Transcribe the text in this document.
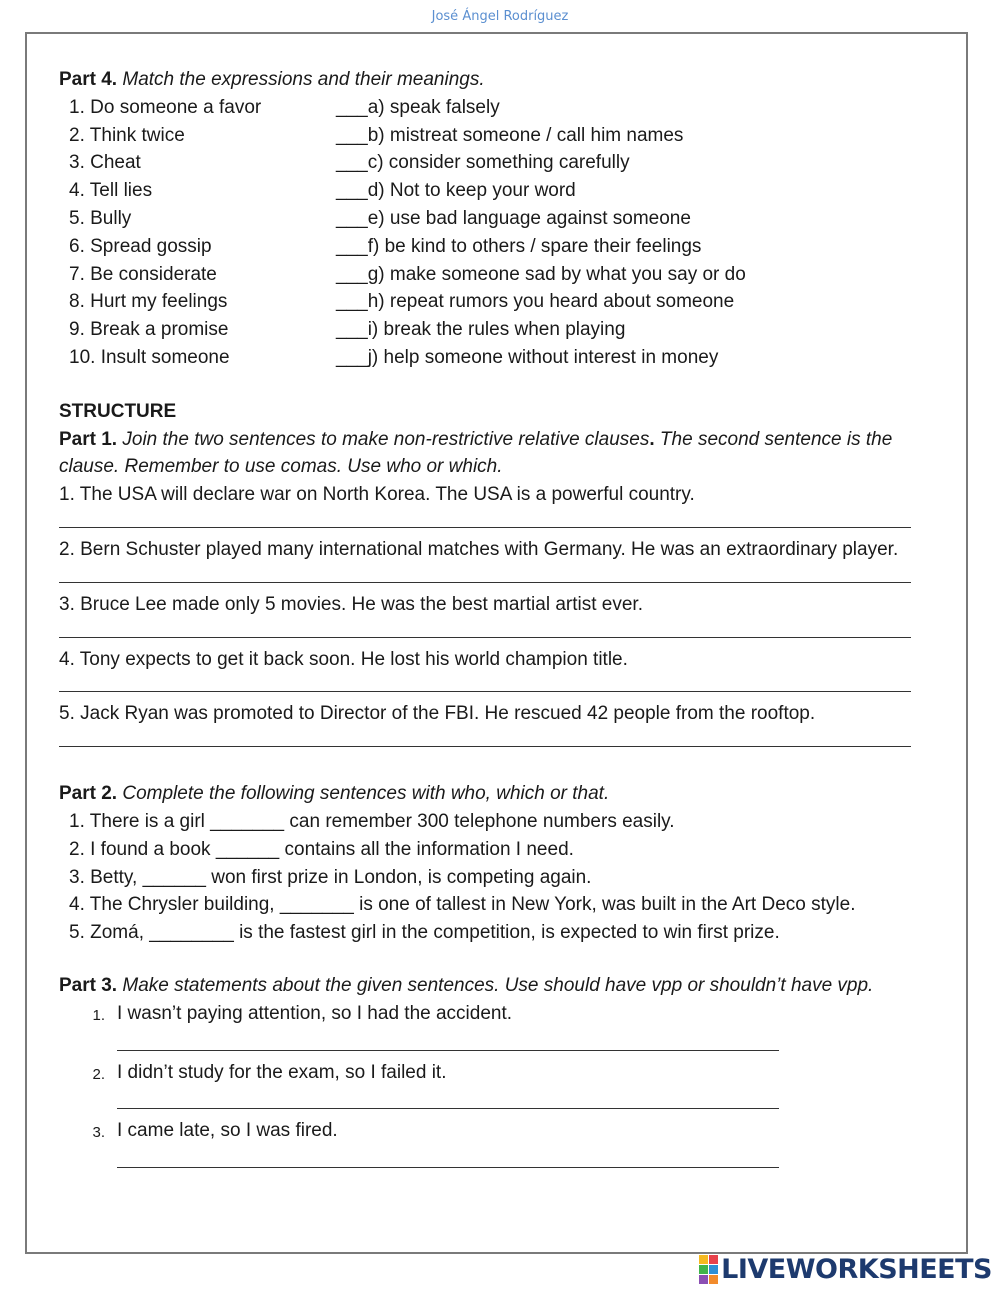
José Ángel Rodríguez

Part 4. Match the expressions and their meanings.

1. Do someone a favor	___a) speak falsely
2. Think twice	___b) mistreat someone / call him names
3. Cheat	___c) consider something carefully
4. Tell lies	___d) Not to keep your word
5. Bully	___e) use bad language against someone
6. Spread gossip	___f) be kind to others / spare their feelings
7. Be considerate	___g) make someone sad by what you say or do
8. Hurt my feelings	___h) repeat rumors you heard about someone
9. Break a promise	___i) break the rules when playing
10. Insult someone	___j) help someone without interest in money

STRUCTURE

Part 1. Join the two sentences to make non-restrictive relative clauses. The second sentence is the clause. Remember to use comas. Use who or which.

1. The USA will declare war on North Korea. The USA is a powerful country.

2. Bern Schuster played many international matches with Germany. He was an extraordinary player.

3. Bruce Lee made only 5 movies. He was the best martial artist ever.

4. Tony expects to get it back soon. He lost his world champion title.

5. Jack Ryan was promoted to Director of the FBI. He rescued 42 people from the rooftop.

Part 2. Complete the following sentences with who, which or that.

1. There is a girl _______ can remember 300 telephone numbers easily.

2. I found a book ______ contains all the information I need.

3. Betty, ______ won first prize in London, is competing again.

4. The Chrysler building, _______ is one of tallest in New York, was built in the Art Deco style.

5. Zomá, ________ is the fastest girl in the competition, is expected to win first prize.

Part 3. Make statements about the given sentences. Use should have vpp or shouldn’t have vpp.

1. I wasn’t paying attention, so I had the accident.
2. I didn’t study for the exam, so I failed it.
3. I came late, so I was fired.
LIVEWORKSHEETS
